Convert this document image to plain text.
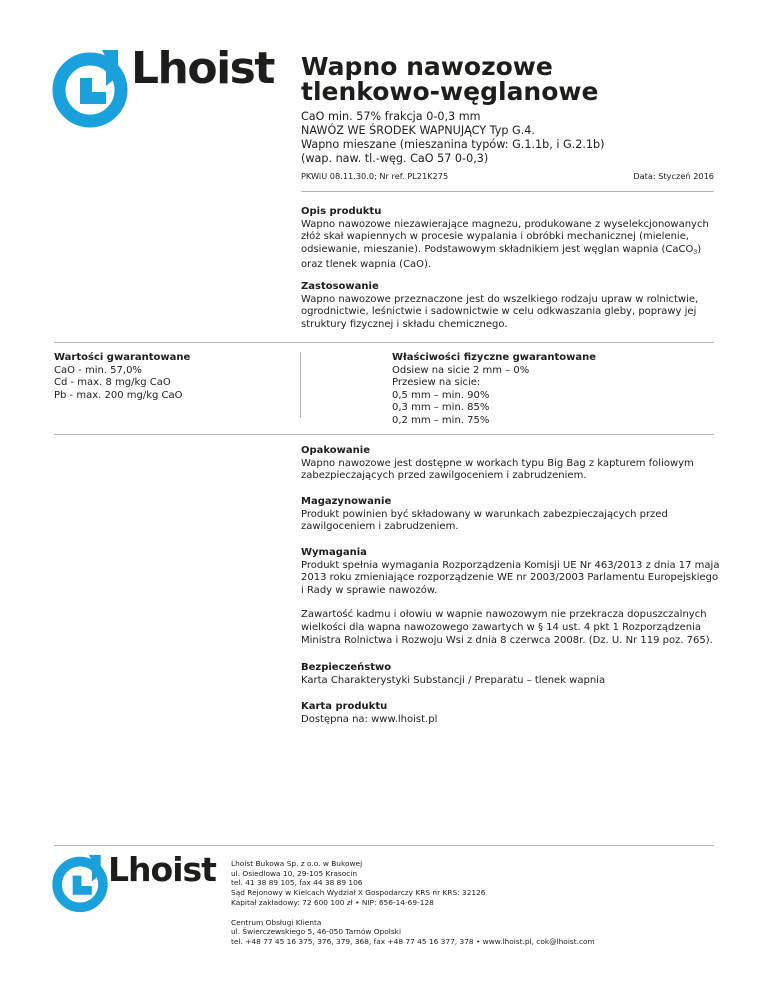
Lhoist Wapno nawozowe
tlenkowo-węglanowe
CaO min. 57% frakcja 0-0,3 mm
NAWÓZ WE ŚRODEK WAPNUJĄCY Typ G.4.
Wapno mieszane (mieszanina typów: G.1.1b, i G.2.1b)
(wap. naw. tl.-węg. CaO 57 0-0,3)
PKWiU 08.11.30.0; Nr ref. PL21K275	Data: Styczeń 2016
Opis produktu

Wapno nawozowe niezawierające magnezu, produkowane z wyselekcjonowanych złóż skał wapiennych w procesie wypalania i obróbki mechanicznej (mielenie, odsiewanie, mieszanie). Podstawowym składnikiem jest węglan wapnia (CaCO$_3$) oraz tlenek wapnia (CaO).

Zastosowanie

Wapno nawozowe przeznaczone jest do wszelkiego rodzaju upraw w rolnictwie, ogrodnictwie, leśnictwie i sadownictwie w celu odkwaszania gleby, poprawy jej struktury fizycznej i składu chemicznego.

Wartości gwarantowane
CaO - min. 57,0%
Cd - max. 8 mg/kg CaO
Pb - max. 200 mg/kg CaO
Właściwości fizyczne gwarantowane
Odsiew na sicie 2 mm – 0%
Przesiew na sicie:
0,5 mm – min. 90%
0,3 mm – min. 85%
0,2 mm – min. 75%
Opakowanie

Wapno nawozowe jest dostępne w workach typu Big Bag z kapturem foliowym zabezpieczających przed zawilgoceniem i zabrudzeniem.

Magazynowanie

Produkt powinien być składowany w warunkach zabezpieczających przed zawilgoceniem i zabrudzeniem.

Wymagania

Produkt spełnia wymagania Rozporządzenia Komisji UE Nr 463/2013 z dnia 17 maja 2013 roku zmieniające rozporządzenie WE nr 2003/2003 Parlamentu Europejskiego i Rady w sprawie nawozów.

Zawartość kadmu i ołowiu w wapnie nawozowym nie przekracza dopuszczalnych wielkości dla wapna nawozowego zawartych w § 14 ust. 4 pkt 1 Rozporządzenia Ministra Rolnictwa i Rozwoju Wsi z dnia 8 czerwca 2008r. (Dz. U. Nr 119 poz. 765).

Bezpieczeństwo

Karta Charakterystyki Substancji / Preparatu – tlenek wapnia

Karta produktu

Dostępna na: www.lhoist.pl

Lhoist Lhoist Bukowa Sp. z o.o. w Bukowej
ul. Osiedlowa 10, 29-105 Krasocin
tel. 41 38 89 105, fax 44 38 89 106
Sąd Rejonowy w Kielcach Wydział X Gospodarczy KRS nr KRS: 32126
Kapitał zakładowy: 72 600 100 zł • NIP: 656-14-69-128
Centrum Obsługi Klienta
ul. Świerczewskiego 5, 46-050 Tarnów Opolski
tel. +48 77 45 16 375, 376, 379, 368, fax +48 77 45 16 377, 378 • www.lhoist.pl, cok@lhoist.com
